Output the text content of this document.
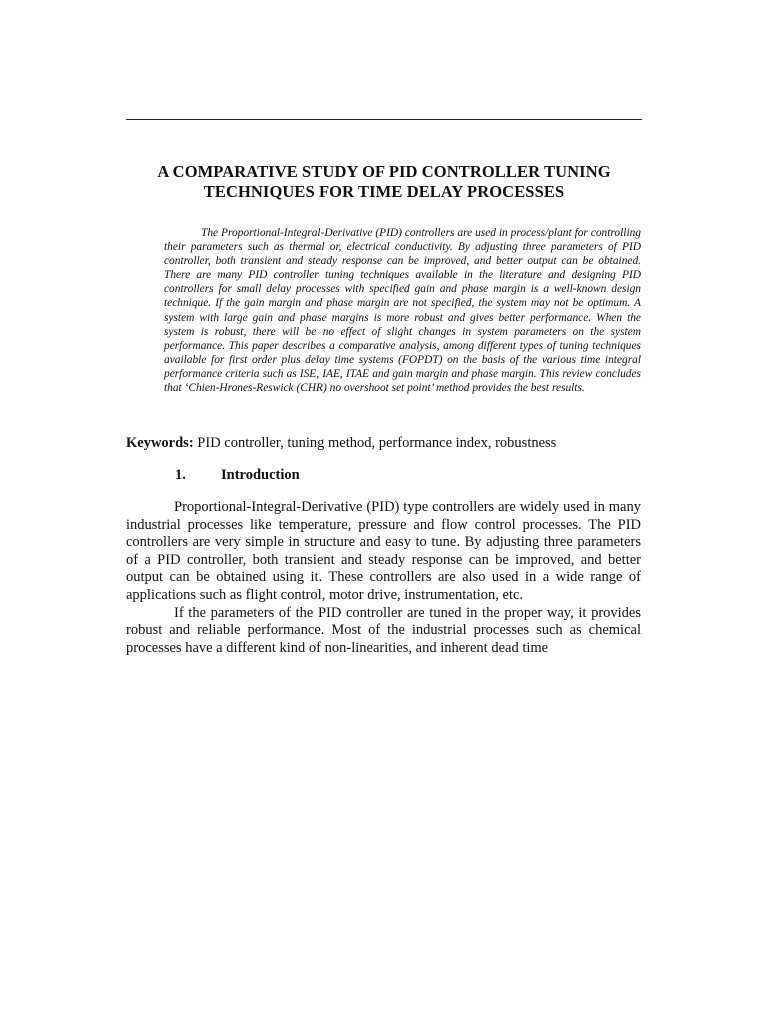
A COMPARATIVE STUDY OF PID CONTROLLER TUNING TECHNIQUES FOR TIME DELAY PROCESSES
The Proportional-Integral-Derivative (PID) controllers are used in process/plant for controlling their parameters such as thermal or, electrical conductivity. By adjusting three parameters of PID controller, both transient and steady response can be improved, and better output can be obtained. There are many PID controller tuning techniques available in the literature and designing PID controllers for small delay processes with specified gain and phase margin is a well-known design technique. If the gain margin and phase margin are not specified, the system may not be optimum. A system with large gain and phase margins is more robust and gives better performance. When the system is robust, there will be no effect of slight changes in system parameters on the system performance. This paper describes a comparative analysis, among different types of tuning techniques available for first order plus delay time systems (FOPDT) on the basis of the various time integral performance criteria such as ISE, IAE, ITAE and gain margin and phase margin. This review concludes that ‘Chien-Hrones-Reswick (CHR) no overshoot set point’ method provides the best results.
Keywords: PID controller, tuning method, performance index, robustness
1. Introduction

Proportional-Integral-Derivative (PID) type controllers are widely used in many industrial processes like temperature, pressure and flow control processes. The PID controllers are very simple in structure and easy to tune. By adjusting three parameters of a PID controller, both transient and steady response can be improved, and better output can be obtained using it. These controllers are also used in a wide range of applications such as flight control, motor drive, instrumentation, etc.

If the parameters of the PID controller are tuned in the proper way, it provides robust and reliable performance. Most of the industrial processes such as chemical processes have a different kind of non-linearities, and inherent dead time
